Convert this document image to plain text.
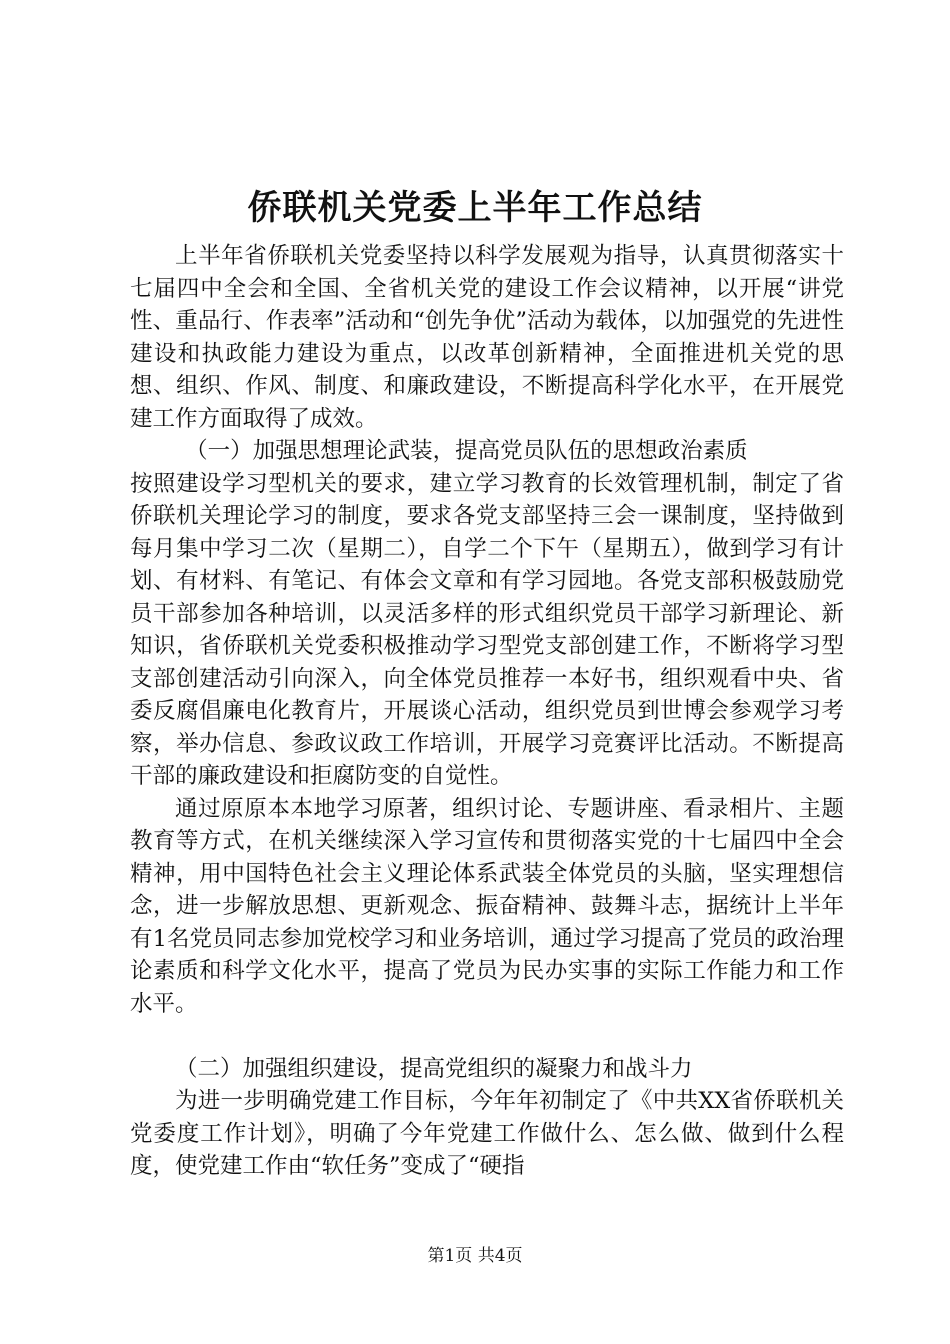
侨联机关党委上半年工作总结

上半年省侨联机关党委坚持以科学发展观为指导，认真贯彻落实十七届四中全会和全国、全省机关党的建设工作会议精神，以开展“讲党性、重品行、作表率”活动和“创先争优”活动为载体，以加强党的先进性建设和执政能力建设为重点，以改革创新精神，全面推进机关党的思想、组织、作风、制度、和廉政建设，不断提高科学化水平，在开展党建工作方面取得了成效。

（一）加强思想理论武装，提高党员队伍的思想政治素质

按照建设学习型机关的要求，建立学习教育的长效管理机制，制定了省侨联机关理论学习的制度，要求各党支部坚持三会一课制度，坚持做到每月集中学习二次（星期二），自学二个下午（星期五），做到学习有计划、有材料、有笔记、有体会文章和有学习园地。各党支部积极鼓励党员干部参加各种培训，以灵活多样的形式组织党员干部学习新理论、新知识，省侨联机关党委积极推动学习型党支部创建工作，不断将学习型支部创建活动引向深入，向全体党员推荐一本好书，组织观看中央、省委反腐倡廉电化教育片，开展谈心活动，组织党员到世博会参观学习考察，举办信息、参政议政工作培训，开展学习竞赛评比活动。不断提高干部的廉政建设和拒腐防变的自觉性。

通过原原本本地学习原著，组织讨论、专题讲座、看录相片、主题教育等方式，在机关继续深入学习宣传和贯彻落实党的十七届四中全会精神，用中国特色社会主义理论体系武装全体党员的头脑，坚实理想信念，进一步解放思想、更新观念、振奋精神、鼓舞斗志，据统计上半年有1名党员同志参加党校学习和业务培训，通过学习提高了党员的政治理论素质和科学文化水平，提高了党员为民办实事的实际工作能力和工作水平。

（二）加强组织建设，提高党组织的凝聚力和战斗力

为进一步明确党建工作目标，今年年初制定了《中共XX省侨联机关党委度工作计划》，明确了今年党建工作做什么、怎么做、做到什么程度，使党建工作由“软任务”变成了“硬指

第1页 共4页
